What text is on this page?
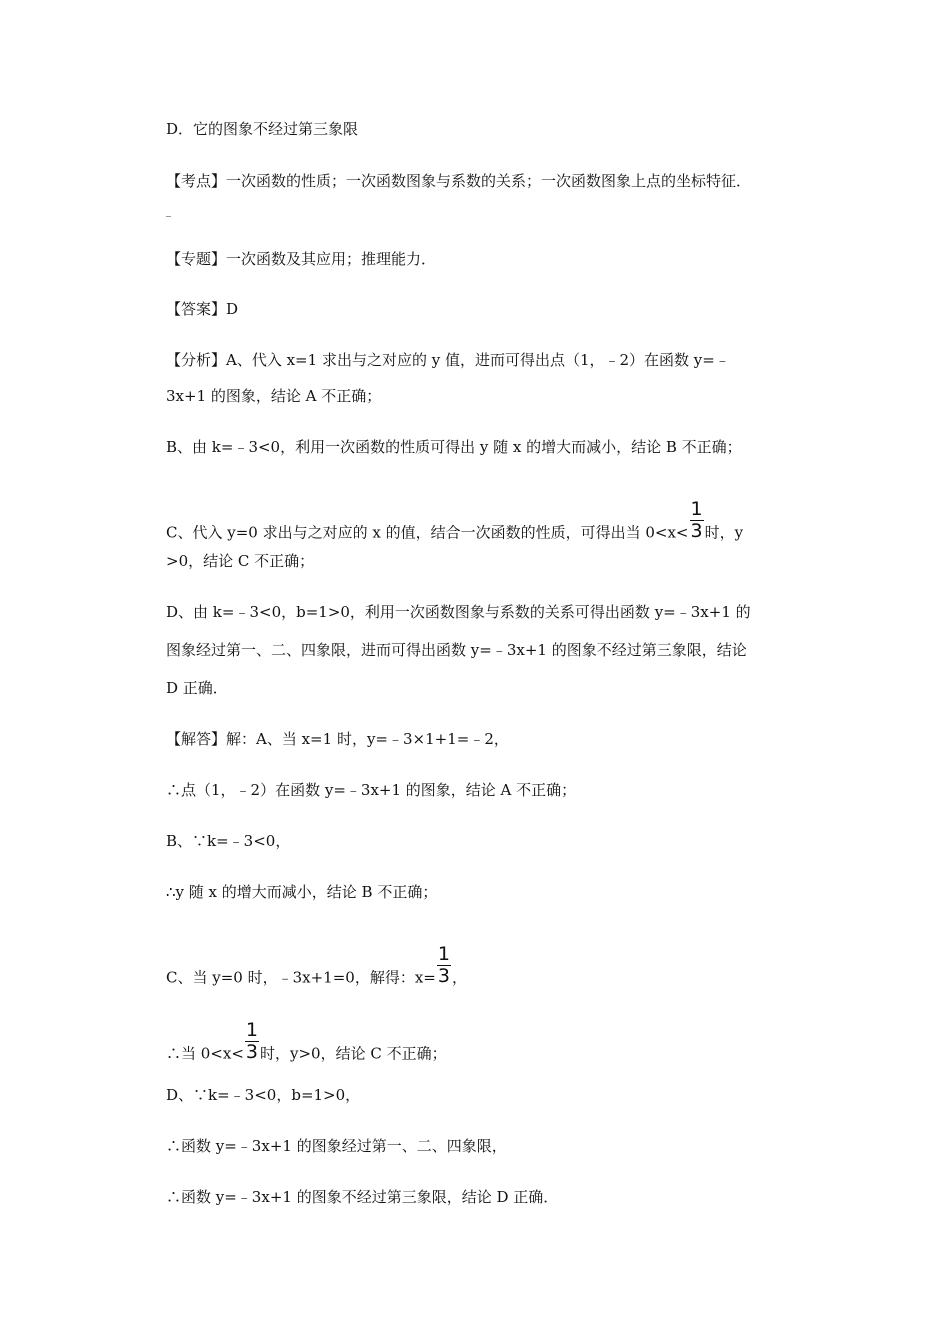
D．它的图象不经过第三象限
【考点】一次函数的性质；一次函数图象与系数的关系；一次函数图象上点的坐标特征．
【专题】一次函数及其应用；推理能力．
【答案】D
【分析】A、代入 x=1 求出与之对应的 y 值，进而可得出点（1，﹣2）在函数 y=﹣
3x+1 的图象，结论 A 不正确；
B、由 k=﹣3<0，利用一次函数的性质可得出 y 随 x 的增大而减小，结论 B 不正确；
C、代入 y=0 求出与之对应的 x 的值，结合一次函数的性质，可得出当 $0<x< \frac{1}{3}$ 时，y
>0，结论 C 不正确；
D、由 k=﹣3<0，b=1>0，利用一次函数图象与系数的关系可得出函数 y=﹣3x+1 的
图象经过第一、二、四象限，进而可得出函数 y=﹣3x+1 的图象不经过第三象限，结论
D 正确．
【解答】解：A、当 x=1 时，y=﹣3×1+1=﹣2，
∴点（1，﹣2）在函数 y=﹣3x+1 的图象，结论 A 不正确；
B、∵k=﹣3<0，
∴y 随 x 的增大而减小，结论 B 不正确；
C、当 y=0 时，﹣3x+1=0，解得：$x= \frac{1}{3}$ ，
∴当 $0<x< \frac{1}{3}$ 时，y>0，结论 C 不正确；
D、∵k=﹣3<0，b=1>0，
∴函数 y=﹣3x+1 的图象经过第一、二、四象限，
∴函数 y=﹣3x+1 的图象不经过第三象限，结论 D 正确．
